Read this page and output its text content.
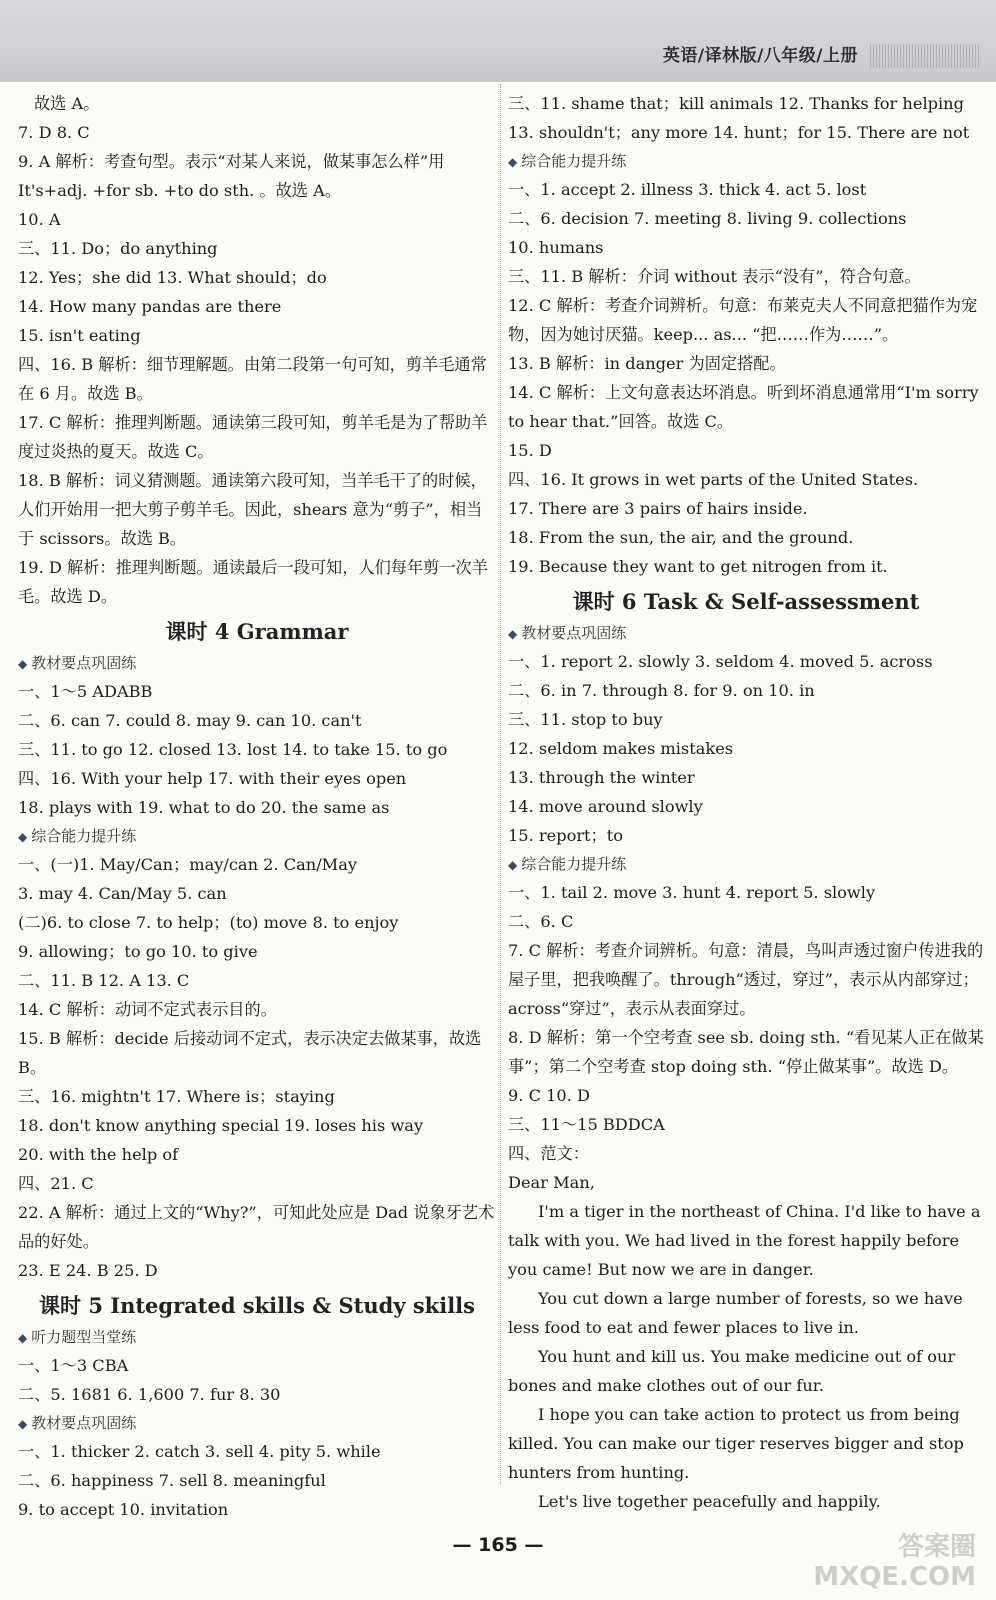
英语/译林版/八年级/上册
故选 A。
7. D 8. C
9. A 解析：考查句型。表示“对某人来说，做某事怎么样”用 It's+adj. +for sb. +to do sth. 。故选 A。
10. A
三、11. Do；do anything
12. Yes；she did 13. What should；do
14. How many pandas are there
15. isn't eating
四、16. B 解析：细节理解题。由第二段第一句可知，剪羊毛通常在 6 月。故选 B。
17. C 解析：推理判断题。通读第三段可知，剪羊毛是为了帮助羊度过炎热的夏天。故选 C。
18. B 解析：词义猜测题。通读第六段可知，当羊毛干了的时候，人们开始用一把大剪子剪羊毛。因此，shears 意为“剪子”，相当于 scissors。故选 B。
19. D 解析：推理判断题。通读最后一段可知，人们每年剪一次羊毛。故选 D。
课时 4 Grammar
◆ 教材要点巩固练
一、1～5 ADABB
二、6. can 7. could 8. may 9. can 10. can't
三、11. to go 12. closed 13. lost 14. to take 15. to go
四、16. With your help 17. with their eyes open
18. plays with 19. what to do 20. the same as
◆ 综合能力提升练
一、(一)1. May/Can；may/can 2. Can/May
3. may 4. Can/May 5. can
(二)6. to close 7. to help；(to) move 8. to enjoy
9. allowing；to go 10. to give
二、11. B 12. A 13. C
14. C 解析：动词不定式表示目的。
15. B 解析：decide 后接动词不定式，表示决定去做某事，故选 B。
三、16. mightn't 17. Where is；staying
18. don't know anything special 19. loses his way
20. with the help of
四、21. C
22. A 解析：通过上文的“Why?”，可知此处应是 Dad 说象牙艺术品的好处。
23. E 24. B 25. D
课时 5 Integrated skills & Study skills
◆ 听力题型当堂练
一、1～3 CBA
二、5. 1681 6. 1,600 7. fur 8. 30
◆ 教材要点巩固练
一、1. thicker 2. catch 3. sell 4. pity 5. while
二、6. happiness 7. sell 8. meaningful
9. to accept 10. invitation
三、11. shame that；kill animals 12. Thanks for helping
13. shouldn't；any more 14. hunt；for 15. There are not
◆ 综合能力提升练
一、1. accept 2. illness 3. thick 4. act 5. lost
二、6. decision 7. meeting 8. living 9. collections
10. humans
三、11. B 解析：介词 without 表示“没有”，符合句意。
12. C 解析：考查介词辨析。句意：布莱克夫人不同意把猫作为宠物，因为她讨厌猫。keep... as... “把……作为……”。
13. B 解析：in danger 为固定搭配。
14. C 解析：上文句意表达坏消息。听到坏消息通常用“I'm sorry to hear that.”回答。故选 C。
15. D
四、16. It grows in wet parts of the United States.
17. There are 3 pairs of hairs inside.
18. From the sun, the air, and the ground.
19. Because they want to get nitrogen from it.
课时 6 Task & Self-assessment
◆ 教材要点巩固练
一、1. report 2. slowly 3. seldom 4. moved 5. across
二、6. in 7. through 8. for 9. on 10. in
三、11. stop to buy
12. seldom makes mistakes
13. through the winter
14. move around slowly
15. report；to
◆ 综合能力提升练
一、1. tail 2. move 3. hunt 4. report 5. slowly
二、6. C
7. C 解析：考查介词辨析。句意：清晨，鸟叫声透过窗户传进我的屋子里，把我唤醒了。through“透过，穿过”，表示从内部穿过；across“穿过”，表示从表面穿过。
8. D 解析：第一个空考查 see sb. doing sth. “看见某人正在做某事”；第二个空考查 stop doing sth. “停止做某事”。故选 D。
9. C 10. D
三、11～15 BDDCA
四、范文：
Dear Man,
I'm a tiger in the northeast of China. I'd like to have a talk with you. We had lived in the forest happily before you came! But now we are in danger.
You cut down a large number of forests, so we have less food to eat and fewer places to live in.
You hunt and kill us. You make medicine out of our bones and make clothes out of our fur.
I hope you can take action to protect us from being killed. You can make our tiger reserves bigger and stop hunters from hunting.
Let's live together peacefully and happily.
— 165 —	答案圈
MXQE.COM
